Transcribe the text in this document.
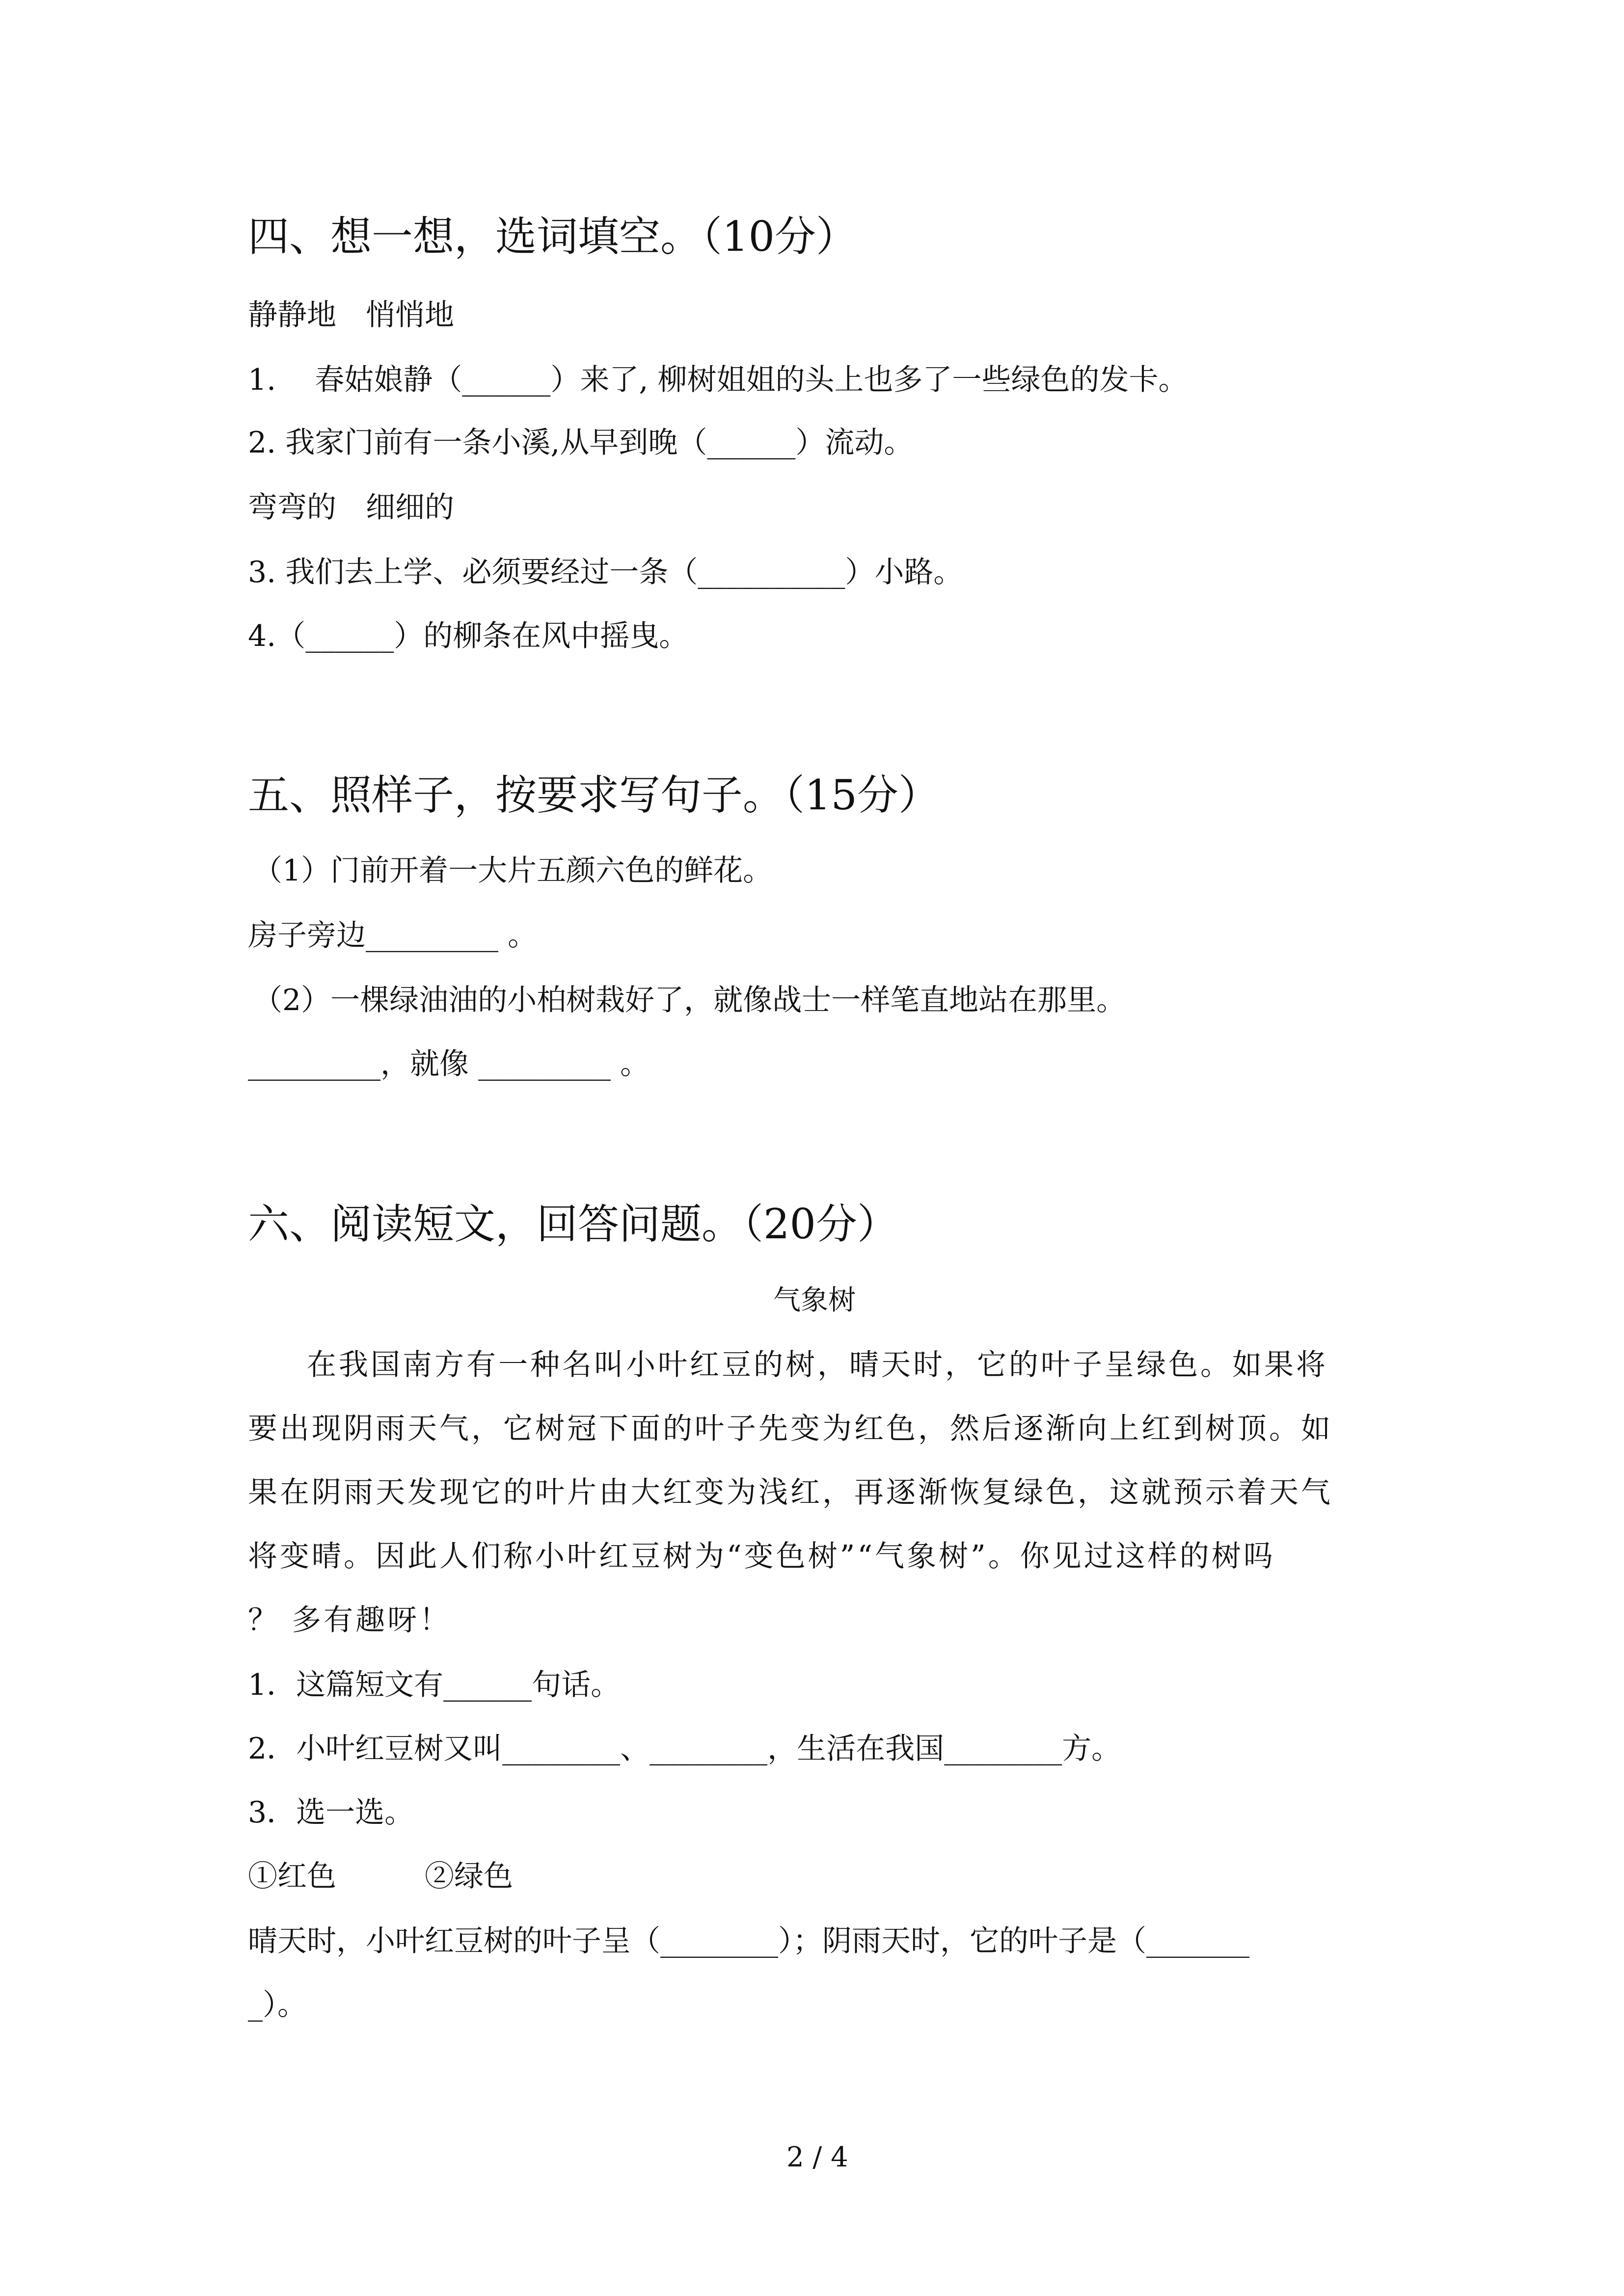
四、想一想，选词填空。（10分）
静静地　悄悄地
1.　 春姑娘静（______）来了, 柳树姐姐的头上也多了一些绿色的发卡。
2. 我家门前有一条小溪,从早到晚（______）流动。
弯弯的　细细的
3. 我们去上学、必须要经过一条（__________）小路。
4.（______）的柳条在风中摇曳。
五、照样子，按要求写句子。（15分）
（1）门前开着一大片五颜六色的鲜花。
房子旁边_________ 。
（2）一棵绿油油的小柏树栽好了，就像战士一样笔直地站在那里。
_________，就像 _________ 。
六、阅读短文，回答问题。（20分）
气象树
在我国南方有一种名叫小叶红豆的树，晴天时，它的叶子呈绿色。如果将
要出现阴雨天气，它树冠下面的叶子先变为红色，然后逐渐向上红到树顶。如
果在阴雨天发现它的叶片由大红变为浅红，再逐渐恢复绿色，这就预示着天气
将变晴。因此人们称小叶红豆树为“变色树”“气象树”。你见过这样的树吗
？ 多有趣呀！
1．这篇短文有______句话。
2．小叶红豆树又叫________、________，生活在我国________方。
3．选一选。
①红色　　　②绿色
晴天时，小叶红豆树的叶子呈（________）；阴雨天时，它的叶子是（_______
_）。
2 / 4
